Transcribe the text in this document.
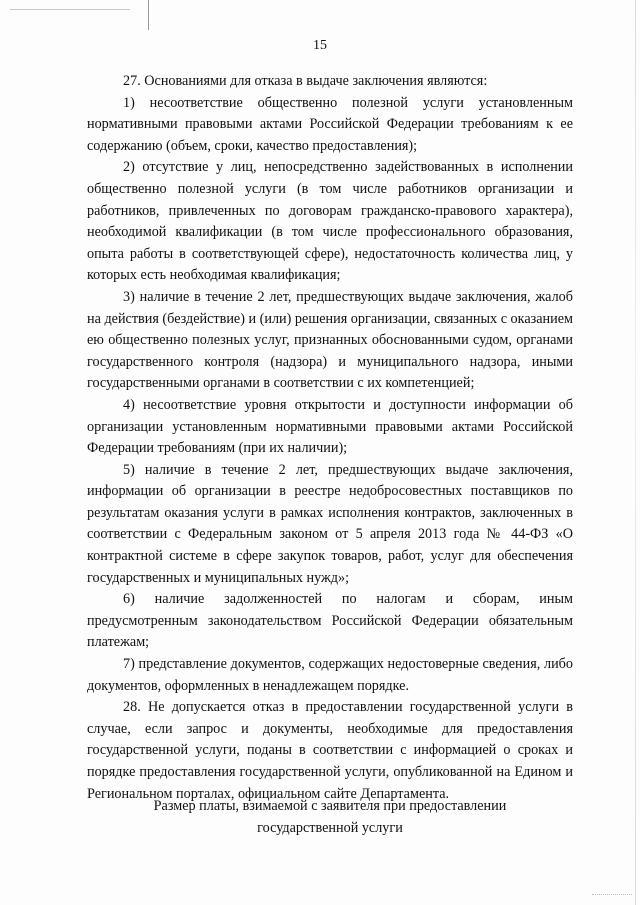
15

27. Основаниями для отказа в выдаче заключения являются:

1) несоответствие общественно полезной услуги установленным нормативными правовыми актами Российской Федерации требованиям к ее содержанию (объем, сроки, качество предоставления);

2) отсутствие у лиц, непосредственно задействованных в исполнении общественно полезной услуги (в том числе работников организации и работников, привлеченных по договорам гражданско-правового характера), необходимой квалификации (в том числе профессионального образования, опыта работы в соответствующей сфере), недостаточность количества лиц, у которых есть необходимая квалификация;

3) наличие в течение 2 лет, предшествующих выдаче заключения, жалоб на действия (бездействие) и (или) решения организации, связанных с оказанием ею общественно полезных услуг, признанных обоснованными судом, органами государственного контроля (надзора) и муниципального надзора, иными государственными органами в соответствии с их компетенцией;

4) несоответствие уровня открытости и доступности информации об организации установленным нормативными правовыми актами Российской Федерации требованиям (при их наличии);

5) наличие в течение 2 лет, предшествующих выдаче заключения, информации об организации в реестре недобросовестных поставщиков по результатам оказания услуги в рамках исполнения контрактов, заключенных в соответствии с Федеральным законом от 5 апреля 2013 года № 44-ФЗ «О контрактной системе в сфере закупок товаров, работ, услуг для обеспечения государственных и муниципальных нужд»;

6) наличие задолженностей по налогам и сборам, иным предусмотренным законодательством Российской Федерации обязательным платежам;

7) представление документов, содержащих недостоверные сведения, либо документов, оформленных в ненадлежащем порядке.

28. Не допускается отказ в предоставлении государственной услуги в случае, если запрос и документы, необходимые для предоставления государственной услуги, поданы в соответствии с информацией о сроках и порядке предоставления государственной услуги, опубликованной на Едином и Региональном порталах, официальном сайте Департамента.

Размер платы, взимаемой с заявителя при предоставлении
государственной услуги
